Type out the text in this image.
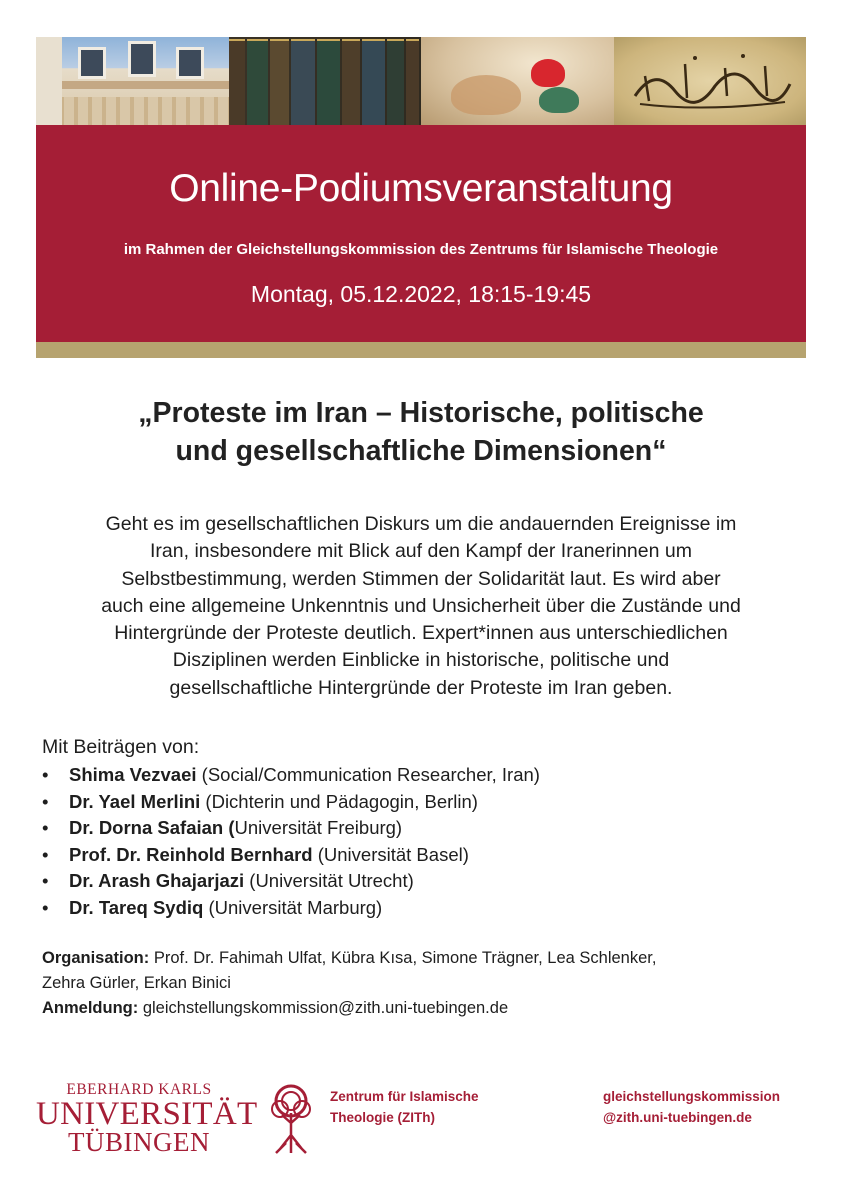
Online-Podiumsveranstaltung
im Rahmen der Gleichstellungskommission des Zentrums für Islamische Theologie
Montag, 05.12.2022, 18:15-19:45
„Proteste im Iran – Historische, politische
und gesellschaftliche Dimensionen“
Geht es im gesellschaftlichen Diskurs um die andauernden Ereignisse im
Iran, insbesondere mit Blick auf den Kampf der Iranerinnen um
Selbstbestimmung, werden Stimmen der Solidarität laut. Es wird aber
auch eine allgemeine Unkenntnis und Unsicherheit über die Zustände und
Hintergründe der Proteste deutlich. Expert*innen aus unterschiedlichen
Disziplinen werden Einblicke in historische, politische und
gesellschaftliche Hintergründe der Proteste im Iran geben.
Mit Beiträgen von:
• Shima Vezvaei (Social/Communication Researcher, Iran)
• Dr. Yael Merlini (Dichterin und Pädagogin, Berlin)
• Dr. Dorna Safaian (Universität Freiburg)
• Prof. Dr. Reinhold Bernhard (Universität Basel)
• Dr. Arash Ghajarjazi (Universität Utrecht)
• Dr. Tareq Sydiq (Universität Marburg)
Organisation: Prof. Dr. Fahimah Ulfat, Kübra Kısa, Simone Trägner, Lea Schlenker,
Zehra Gürler, Erkan Binici
Anmeldung: gleichstellungskommission@zith.uni-tuebingen.de
EBERHARD KARLS
UNIVERSITÄT
TÜBINGEN
Zentrum für Islamische
Theologie (ZITh)
gleichstellungskommission
@zith.uni-tuebingen.de
